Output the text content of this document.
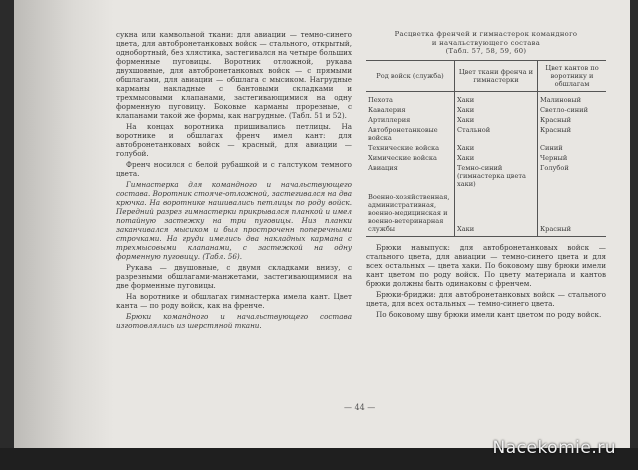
сукна или камвольной ткани: для авиации — темно-синего цвета, для автобронетанковых войск — стального, открытый, однобортный, без хлястика, застегивался на четыре больших форменные пуговицы. Воротник отложной, рукава двухшовные, для автобронетанковых войск — с прямыми обшлагами, для авиации — обшлага с мысиком. Нагрудные карманы накладные с бантовыми складками и трехмысовыми клапанами, застегивающимися на одну форменную пуговицу. Боковые карманы прорезные, с клапанами такой же формы, как нагрудные. (Табл. 51 и 52).

На концах воротника пришивались петлицы. На воротнике и обшлагах френч имел кант: для автобронетанковых войск — красный, для авиации — голубой.

Френч носился с белой рубашкой и с галстуком темного цвета.

Гимнастерка для командного и начальствующего состава. Воротник стояче-отложной, застегивался на два крючка. На воротнике нашивались петлицы по роду войск. Передний разрез гимнастерки прикрывался планкой и имел потайную застежку на три пуговицы. Низ планки заканчивался мысиком и был простроченн поперечными строчками. На груди имелись два накладных кармана с трехмысовыми клапанами, с застежкой на одну форменную пуговицу. (Табл. 56).

Рукава — двушовные, с двумя складками внизу, с разрезными обшлагами-манжетами, застегивающимися на две форменные пуговицы.

На воротнике и обшлагах гимнастерка имела кант. Цвет канта — по роду войск, как на френче.

Брюки командного и начальствующего состава изготовлялись из шерстяной ткани.

Расцветка френчей и гимнастерок командного
и начальствующего состава
(Табл. 57, 58, 59, 60)
Род войск (служба)	Цвет ткани френча и гимнастерки	Цвет кантов по воротнику и обшлагам
Пехота	Хаки	Малиновый
Кавалерия	Хаки	Светло-синий
Артиллерия	Хаки	Красный
Автобронетанковые войска	Стальной	Красный
Технические войска	Хаки	Синий
Химические войска	Хаки	Черный
Авиация	Темно-синий (гимнастерка цвета хаки)	Голубой
Военно-хозяйственная, административная, военно-медицинская и военно-ветеринарная службы	Хаки	Красный

Брюки навыпуск: для автобронетанковых войск — стального цвета, для авиации — темно-синего цвета и для всех остальных — цвета хаки. По боковому шву брюки имели кант цветом по роду войск. По цвету материала и кантов брюки должны быть одинаковы с френчем.

Брюки-бриджи: для автобронетанковых войск — стального цвета, для всех остальных — темно-синего цвета.

По боковому шву брюки имели кант цветом по роду войск.

— 44 —
Nacekomie.ru
